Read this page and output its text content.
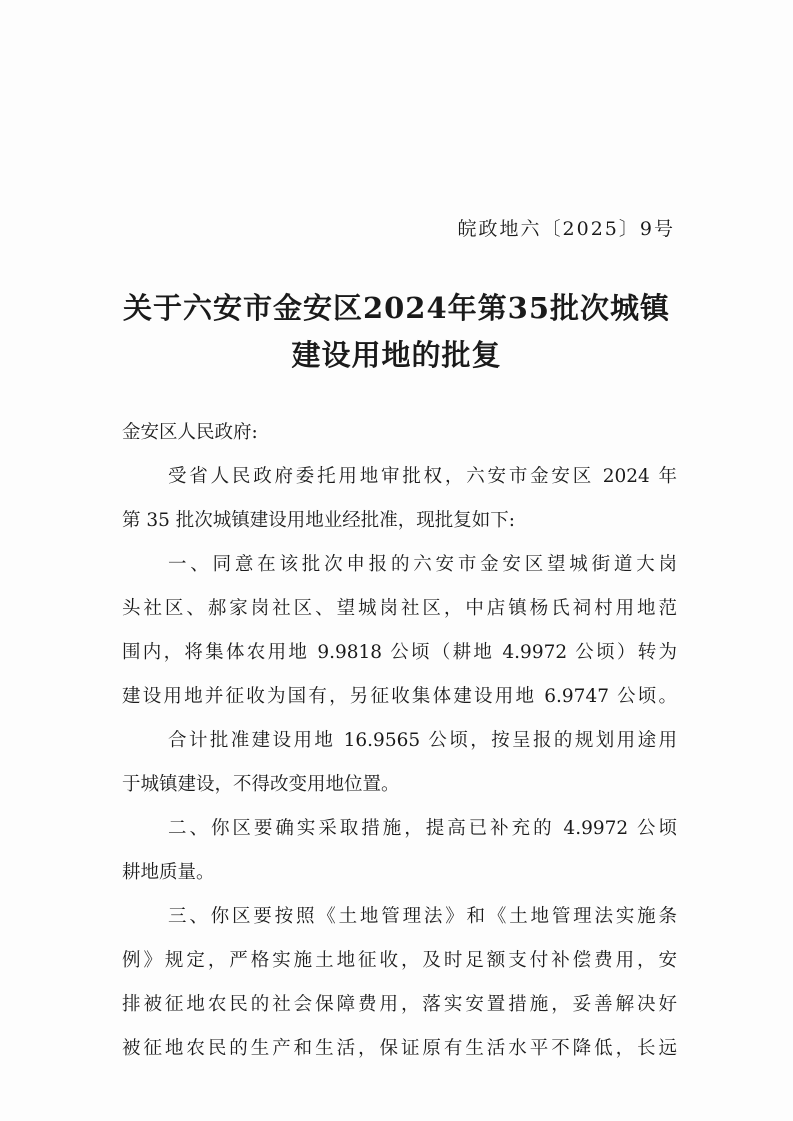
皖政地六〔2025〕9号
关于六安市金安区2024年第35批次城镇
建设用地的批复
金安区人民政府:
受省人民政府委托用地审批权，六安市金安区 2024 年
第 35 批次城镇建设用地业经批准，现批复如下:
一、同意在该批次申报的六安市金安区望城街道大岗
头社区、郝家岗社区、望城岗社区，中店镇杨氏祠村用地范
围内，将集体农用地 9.9818 公顷（耕地 4.9972 公顷）转为
建设用地并征收为国有，另征收集体建设用地 6.9747 公顷。
合计批准建设用地 16.9565 公顷，按呈报的规划用途用
于城镇建设，不得改变用地位置。
二、你区要确实采取措施，提高已补充的 4.9972 公顷
耕地质量。
三、你区要按照《土地管理法》和《土地管理法实施条
例》规定，严格实施土地征收，及时足额支付补偿费用，安
排被征地农民的社会保障费用，落实安置措施，妥善解决好
被征地农民的生产和生活，保证原有生活水平不降低，长远
